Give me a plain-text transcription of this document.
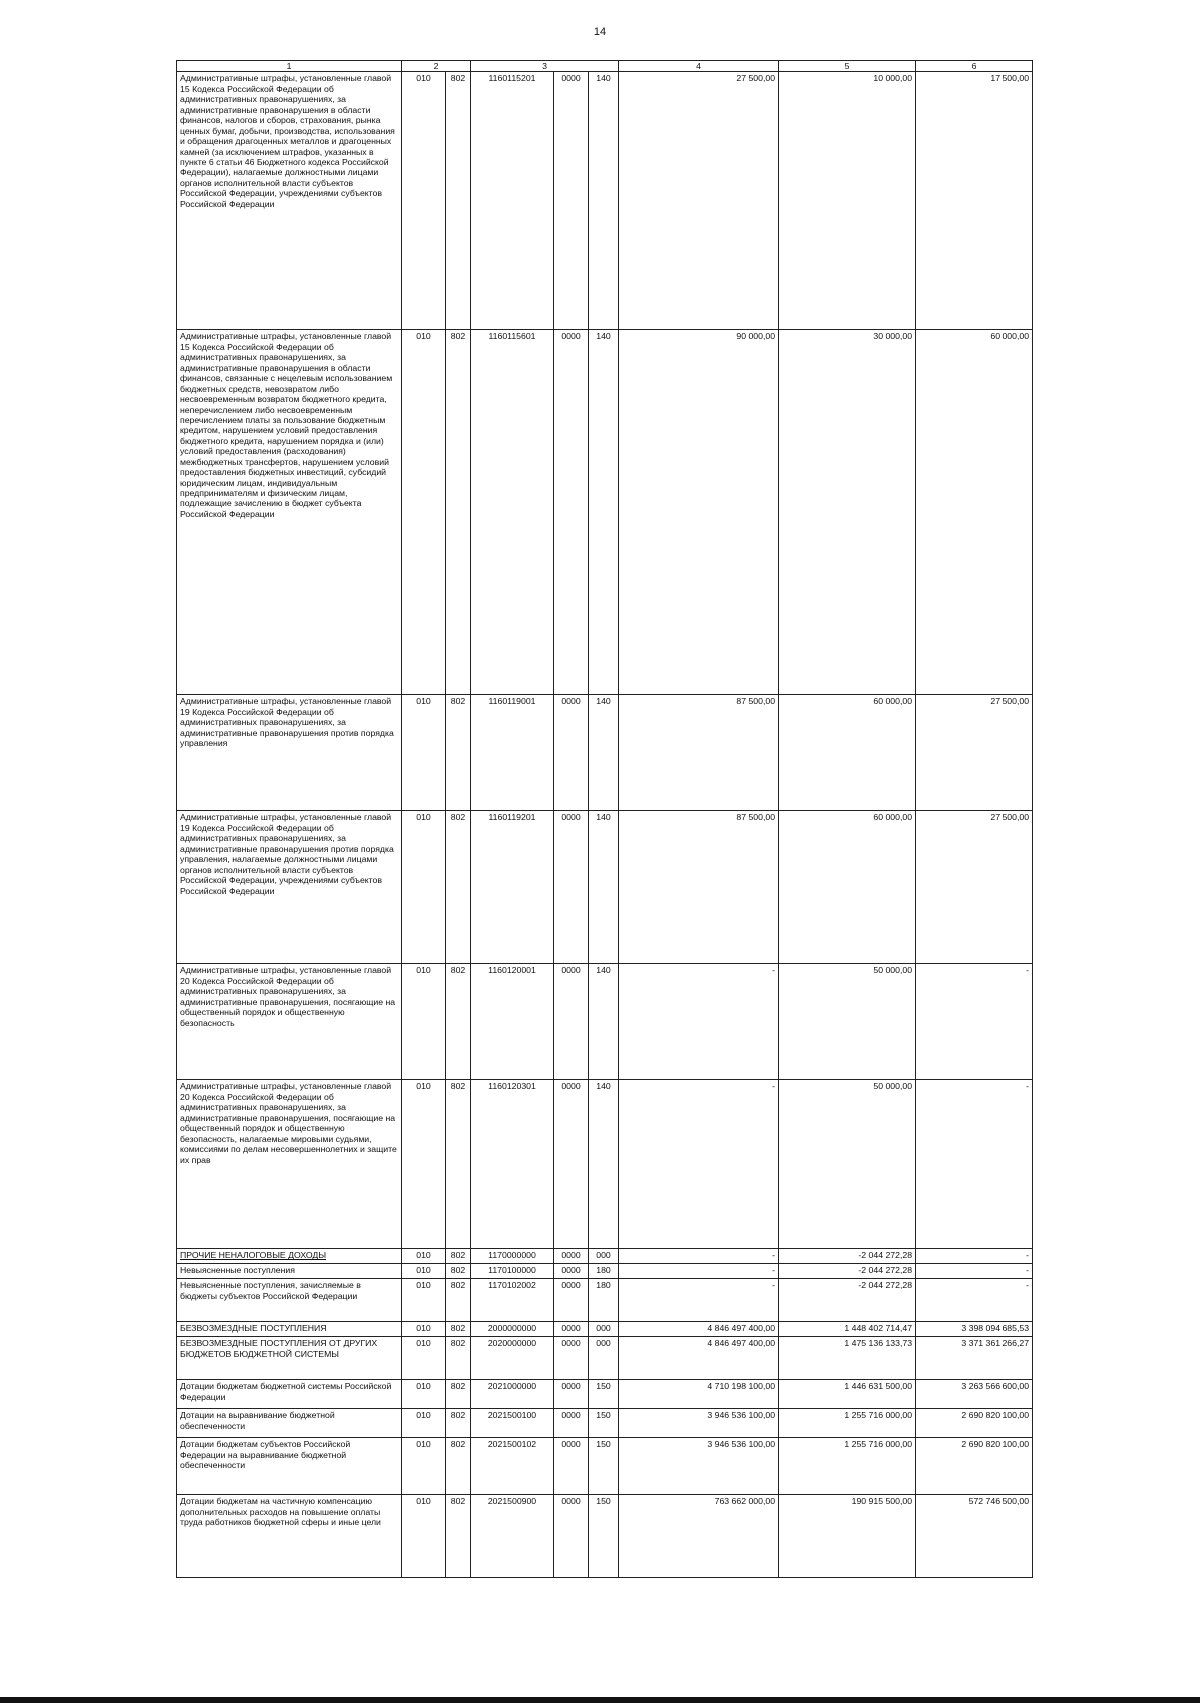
14
1	2		3			4	5	6
Административные штрафы, установленные главой 15 Кодекса Российской Федерации об административных правонарушениях, за административные правонарушения в области финансов, налогов и сборов, страхования, рынка ценных бумаг, добычи, производства, использования и обращения драгоценных металлов и драгоценных камней (за исключением штрафов, указанных в пункте 6 статьи 46 Бюджетного кодекса Российской Федерации), налагаемые должностными лицами органов исполнительной власти субъектов Российской Федерации, учреждениями субъектов Российской Федерации	010	802	1160115201	0000	140	27 500,00	10 000,00	17 500,00
Административные штрафы, установленные главой 15 Кодекса Российской Федерации об административных правонарушениях, за административные правонарушения в области финансов, связанные с нецелевым использованием бюджетных средств, невозвратом либо несвоевременным возвратом бюджетного кредита, неперечислением либо несвоевременным перечислением платы за пользование бюджетным кредитом, нарушением условий предоставления бюджетного кредита, нарушением порядка и (или) условий предоставления (расходования) межбюджетных трансфертов, нарушением условий предоставления бюджетных инвестиций, субсидий юридическим лицам, индивидуальным предпринимателям и физическим лицам, подлежащие зачислению в бюджет субъекта Российской Федерации	010	802	1160115601	0000	140	90 000,00	30 000,00	60 000,00
Административные штрафы, установленные главой 19 Кодекса Российской Федерации об административных правонарушениях, за административные правонарушения против порядка управления	010	802	1160119001	0000	140	87 500,00	60 000,00	27 500,00
Административные штрафы, установленные главой 19 Кодекса Российской Федерации об административных правонарушениях, за административные правонарушения против порядка управления, налагаемые должностными лицами органов исполнительной власти субъектов Российской Федерации, учреждениями субъектов Российской Федерации	010	802	1160119201	0000	140	87 500,00	60 000,00	27 500,00
Административные штрафы, установленные главой 20 Кодекса Российской Федерации об административных правонарушениях, за административные правонарушения, посягающие на общественный порядок и общественную безопасность	010	802	1160120001	0000	140	-	50 000,00	-
Административные штрафы, установленные главой 20 Кодекса Российской Федерации об административных правонарушениях, за административные правонарушения, посягающие на общественный порядок и общественную безопасность, налагаемые мировыми судьями, комиссиями по делам несовершеннолетних и защите их прав	010	802	1160120301	0000	140	-	50 000,00	-
ПРОЧИЕ НЕНАЛОГОВЫЕ ДОХОДЫ	010	802	1170000000	0000	000	-	-2 044 272,28	-
Невыясненные поступления	010	802	1170100000	0000	180	-	-2 044 272,28	-
Невыясненные поступления, зачисляемые в бюджеты субъектов Российской Федерации	010	802	1170102002	0000	180	-	-2 044 272,28	-
БЕЗВОЗМЕЗДНЫЕ ПОСТУПЛЕНИЯ	010	802	2000000000	0000	000	4 846 497 400,00	1 448 402 714,47	3 398 094 685,53
БЕЗВОЗМЕЗДНЫЕ ПОСТУПЛЕНИЯ ОТ ДРУГИХ БЮДЖЕТОВ БЮДЖЕТНОЙ СИСТЕМЫ	010	802	2020000000	0000	000	4 846 497 400,00	1 475 136 133,73	3 371 361 266,27
Дотации бюджетам бюджетной системы Российской Федерации	010	802	2021000000	0000	150	4 710 198 100,00	1 446 631 500,00	3 263 566 600,00
Дотации на выравнивание бюджетной обеспеченности	010	802	2021500100	0000	150	3 946 536 100,00	1 255 716 000,00	2 690 820 100,00
Дотации бюджетам субъектов Российской Федерации на выравнивание бюджетной обеспеченности	010	802	2021500102	0000	150	3 946 536 100,00	1 255 716 000,00	2 690 820 100,00
Дотации бюджетам на частичную компенсацию дополнительных расходов на повышение оплаты труда работников бюджетной сферы и иные цели	010	802	2021500900	0000	150	763 662 000,00	190 915 500,00	572 746 500,00
